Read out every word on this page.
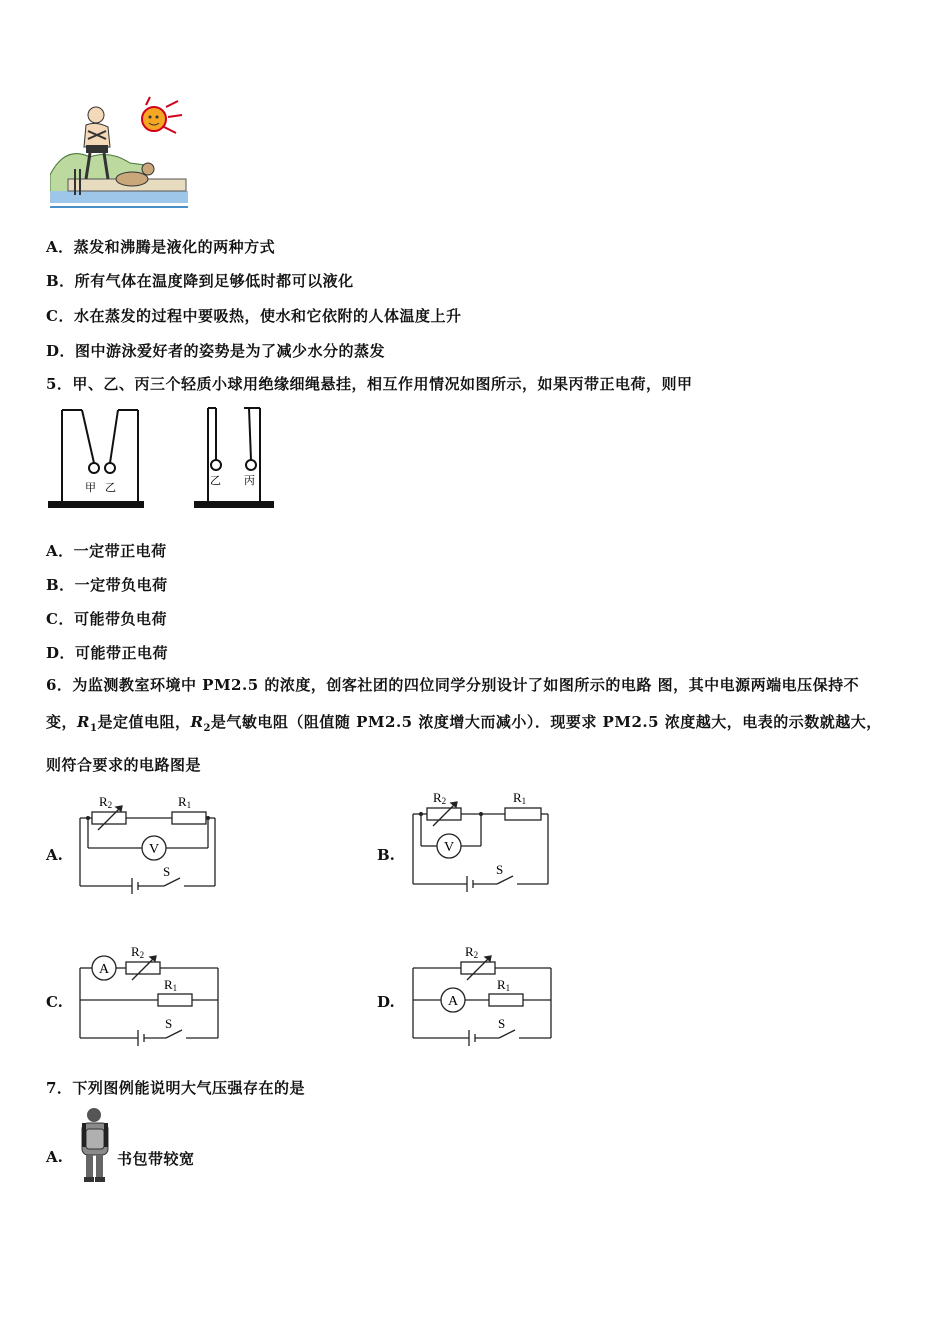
A．蒸发和沸腾是液化的两种方式
B．所有气体在温度降到足够低时都可以液化
C．水在蒸发的过程中要吸热，使水和它依附的人体温度上升
D．图中游泳爱好者的姿势是为了减少水分的蒸发
5．甲、乙、丙三个轻质小球用绝缘细绳悬挂，相互作用情况如图所示，如果丙带正电荷，则甲
甲 乙
乙 丙
A．一定带正电荷
B．一定带负电荷
C．可能带负电荷
D．可能带正电荷
6．为监测教室环境中 PM2.5 的浓度，创客社团的四位同学分别设计了如图所示的电路 图，其中电源两端电压保持不
变，$R_1$是定值电阻，$R_2$是气敏电阻（阻值随 PM2.5 浓度增大而减小）．现要求 PM2.5 浓度越大，电表的示数就越大，
则符合要求的电路图是
A.
R2	R1
V
S
B.
R2	R1
V
S
C.
A
R2
R1
S
D.
R2
R1
A
S
7．下列图例能说明大气压强存在的是
A.	书包带较宽
